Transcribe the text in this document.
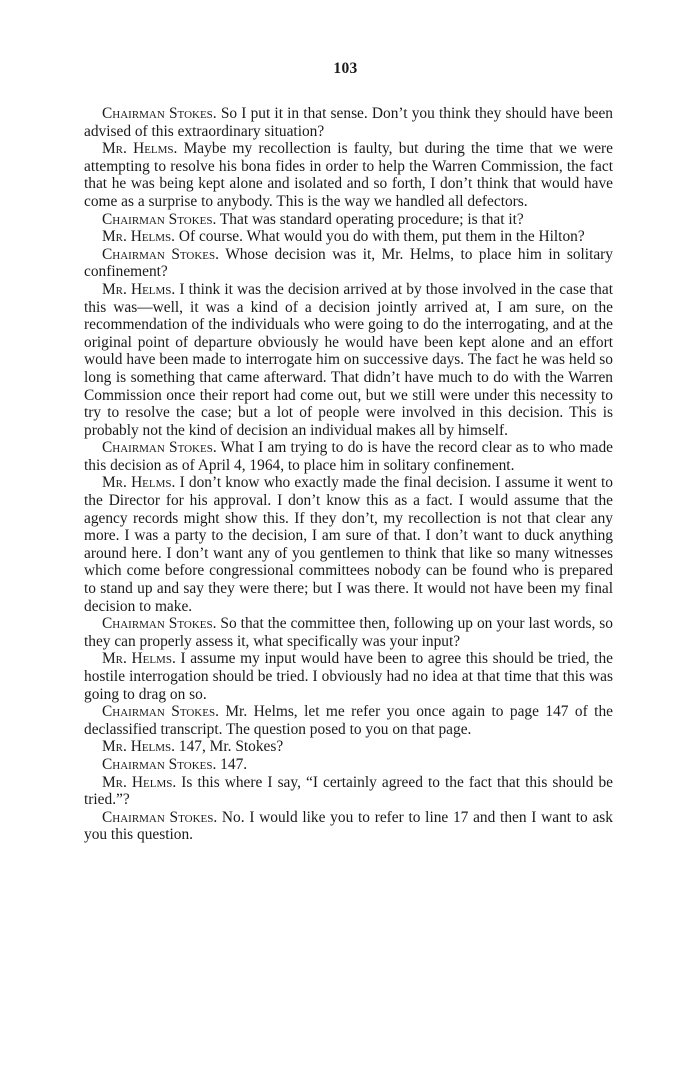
103

Chairman Stokes. So I put it in that sense. Don’t you think they should have been advised of this extraordinary situation?

Mr. Helms. Maybe my recollection is faulty, but during the time that we were attempting to resolve his bona fides in order to help the Warren Commission, the fact that he was being kept alone and isolated and so forth, I don’t think that would have come as a surprise to anybody. This is the way we handled all defectors.

Chairman Stokes. That was standard operating procedure; is that it?

Mr. Helms. Of course. What would you do with them, put them in the Hilton?

Chairman Stokes. Whose decision was it, Mr. Helms, to place him in solitary confinement?

Mr. Helms. I think it was the decision arrived at by those involved in the case that this was—well, it was a kind of a decision jointly arrived at, I am sure, on the recommendation of the individuals who were going to do the interrogating, and at the original point of departure obviously he would have been kept alone and an effort would have been made to interrogate him on successive days. The fact he was held so long is something that came afterward. That didn’t have much to do with the Warren Commission once their report had come out, but we still were under this necessity to try to resolve the case; but a lot of people were involved in this decision. This is probably not the kind of decision an individual makes all by himself.

Chairman Stokes. What I am trying to do is have the record clear as to who made this decision as of April 4, 1964, to place him in solitary confinement.

Mr. Helms. I don’t know who exactly made the final decision. I assume it went to the Director for his approval. I don’t know this as a fact. I would assume that the agency records might show this. If they don’t, my recollection is not that clear any more. I was a party to the decision, I am sure of that. I don’t want to duck anything around here. I don’t want any of you gentlemen to think that like so many witnesses which come before congressional committees nobody can be found who is prepared to stand up and say they were there; but I was there. It would not have been my final decision to make.

Chairman Stokes. So that the committee then, following up on your last words, so they can properly assess it, what specifically was your input?

Mr. Helms. I assume my input would have been to agree this should be tried, the hostile interrogation should be tried. I obviously had no idea at that time that this was going to drag on so.

Chairman Stokes. Mr. Helms, let me refer you once again to page 147 of the declassified transcript. The question posed to you on that page.

Mr. Helms. 147, Mr. Stokes?

Chairman Stokes. 147.

Mr. Helms. Is this where I say, “I certainly agreed to the fact that this should be tried.”?

Chairman Stokes. No. I would like you to refer to line 17 and then I want to ask you this question.
